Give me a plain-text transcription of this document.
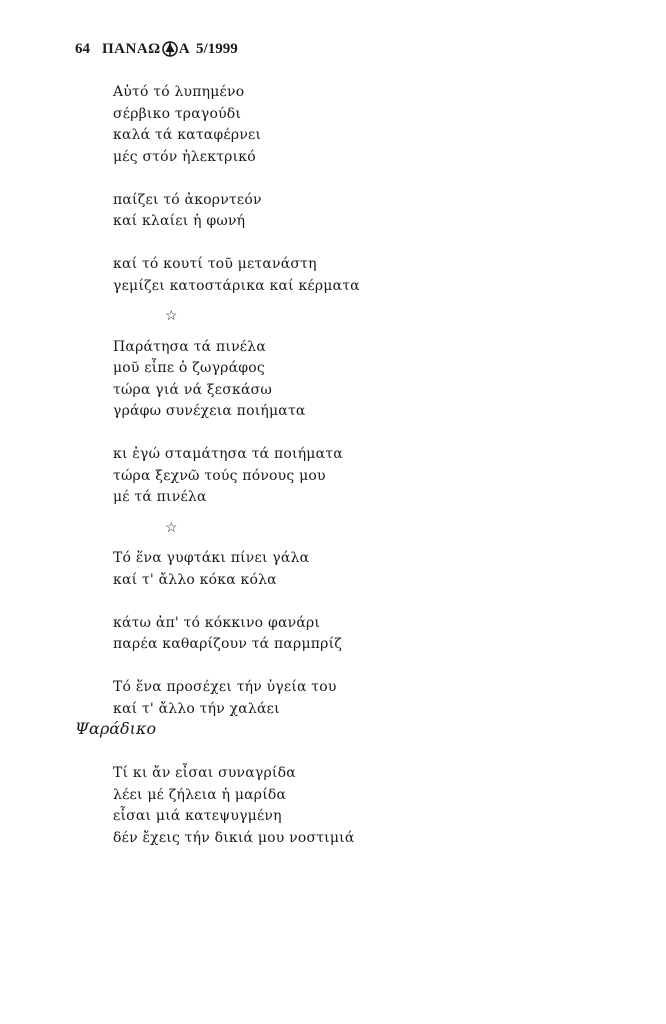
64 ΠΑΝΑΩ Α 5/1999
Αὐτό τό λυπημένο
σέρβικο τραγούδι
καλά τά καταφέρνει
μές στόν ἠλεκτρικό
παίζει τό ἀκορντεόν
καί κλαίει ἡ φωνή
καί τό κουτί τοῦ μετανάστη
γεμίζει κατοστάρικα καί κέρματα
☆
Παράτησα τά πινέλα
μοῦ εἶπε ὁ ζωγράφος
τώρα γιά νά ξεσκάσω
γράφω συνέχεια ποιήματα
κι ἐγώ σταμάτησα τά ποιήματα
τώρα ξεχνῶ τούς πόνους μου
μέ τά πινέλα
☆
Τό ἕνα γυφτάκι πίνει γάλα
καί τ' ἄλλο κόκα κόλα
κάτω ἀπ' τό κόκκινο φανάρι
παρέα καθαρίζουν τά παρμπρίζ
Τό ἕνα προσέχει τήν ὑγεία του
καί τ' ἄλλο τήν χαλάει
Ψαράδικο
Τί κι ἄν εἶσαι συναγρίδα
λέει μέ ζήλεια ἡ μαρίδα
εἶσαι μιά κατεψυγμένη
δέν ἔχεις τήν δικιά μου νοστιμιά
